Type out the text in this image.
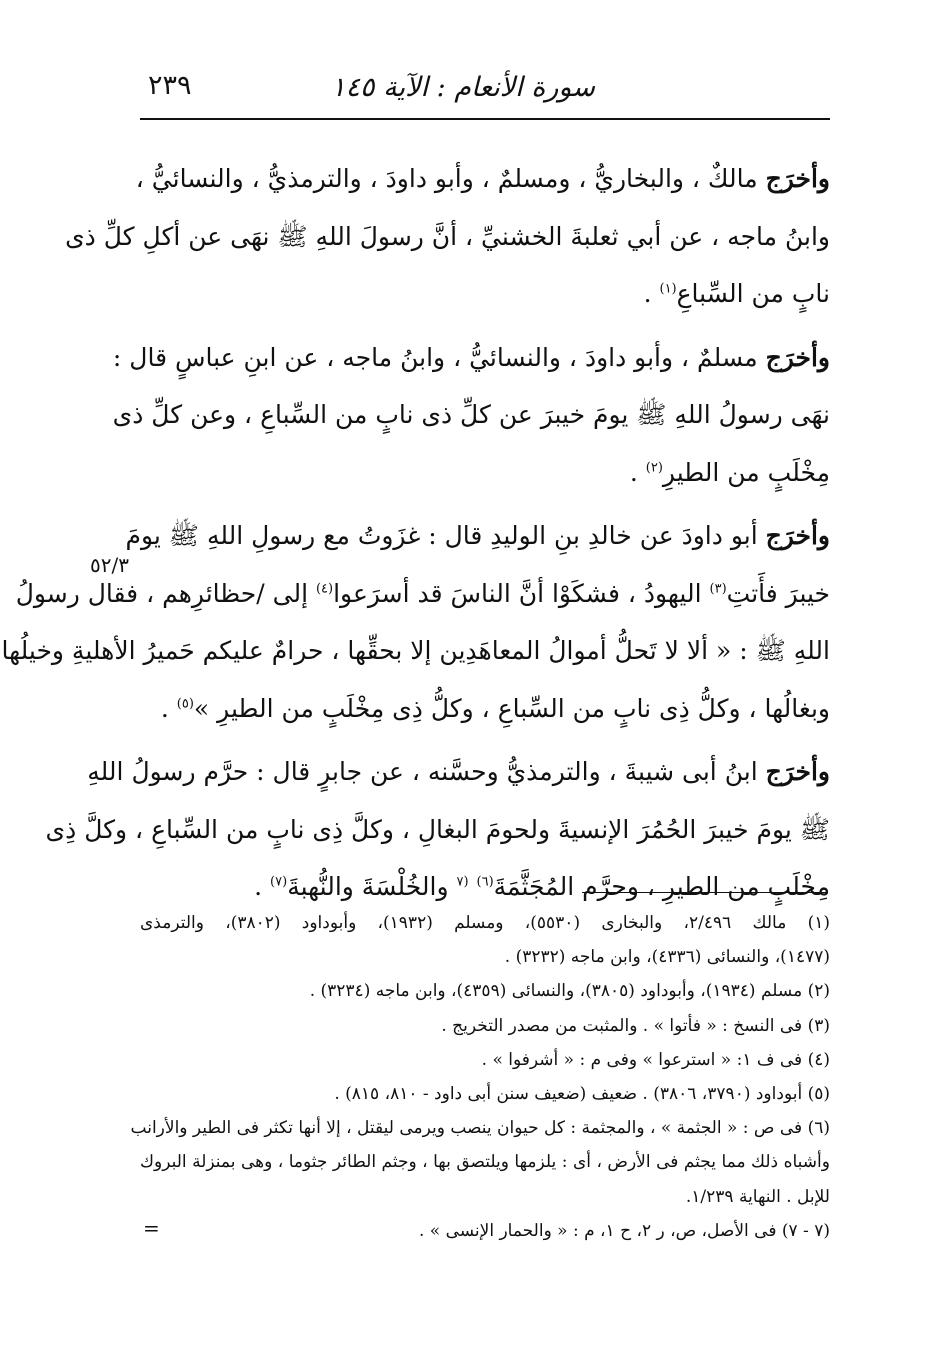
سورة الأنعام : الآية ١٤٥
٢٣٩
٥٢/٣
وأخرَج مالكٌ ، والبخاريُّ ، ومسلمٌ ، وأبو داودَ ، والترمذيُّ ، والنسائيُّ ،
وابنُ ماجه ، عن أبي ثعلبةَ الخشنيِّ ، أنَّ رسولَ اللهِ ﷺ نهَى عن أكلِ كلِّ ذى
نابٍ من السِّباعِ$^{(١)}$ .
وأخرَج مسلمٌ ، وأبو داودَ ، والنسائيُّ ، وابنُ ماجه ، عن ابنِ عباسٍ قال :
نهَى رسولُ اللهِ ﷺ يومَ خيبرَ عن كلِّ ذى نابٍ من السِّباعِ ، وعن كلِّ ذى
مِخْلَبٍ من الطيرِ$^{(٢)}$ .
وأخرَج أبو داودَ عن خالدِ بنِ الوليدِ قال : غزَوتُ مع رسولِ اللهِ ﷺ يومَ
خيبرَ فأَتتِ$^{(٣)}$ اليهودُ ، فشكَوْا أنَّ الناسَ قد أسرَعوا$^{(٤)}$ إلى /حظائرِهم ، فقال رسولُ
اللهِ ﷺ : « ألا لا تَحلُّ أموالُ المعاهَدِين إلا بحقِّها ، حرامٌ عليكم حَميرُ الأهليةِ وخيلُها
وبغالُها ، وكلُّ ذِى نابٍ من السِّباعِ ، وكلُّ ذِى مِخْلَبٍ من الطيرِ »$^{(٥)}$ .
وأخرَج ابنُ أبى شيبةَ ، والترمذيُّ وحسَّنه ، عن جابرٍ قال : حرَّم رسولُ اللهِ
ﷺ يومَ خيبرَ الحُمُرَ الإنسيةَ ولحومَ البغالِ ، وكلَّ ذِى نابٍ من السِّباعِ ، وكلَّ ذِى
مِخْلَبٍ من الطيرِ ، وحرَّم المُجَثَّمَةَ$^{(٦)}$ $^{(٧}$ والخُلْسَةَ والنُّهبةَ$^{(٧)}$ .
(١) مالك ٢/٤٩٦، والبخارى (٥٥٣٠)، ومسلم (١٩٣٢)، وأبوداود (٣٨٠٢)، والترمذى
(١٤٧٧)، والنسائى (٤٣٣٦)، وابن ماجه (٣٢٣٢) .
(٢) مسلم (١٩٣٤)، وأبوداود (٣٨٠٥)، والنسائى (٤٣٥٩)، وابن ماجه (٣٢٣٤) .
(٣) فى النسخ : « فأتوا » . والمثبت من مصدر التخريج .
(٤) فى ف ١: « استرعوا » وفى م : « أشرفوا » .
(٥) أبوداود (٣٧٩٠، ٣٨٠٦) . ضعيف (ضعيف سنن أبى داود - ٨١٠، ٨١٥) .
(٦) فى ص : « الجثمة » ، والمجثمة : كل حيوان ينصب ويرمى ليقتل ، إلا أنها تكثر فى الطير والأرانب
وأشباه ذلك مما يجثم فى الأرض ، أى : يلزمها ويلتصق بها ، وجثم الطائر جثوما ، وهى بمنزلة البروك
للإبل . النهاية ١/٢٣٩.
(٧ - ٧) فى الأصل، ص، ر ٢، ح ١، م : « والحمار الإنسى » .
=
